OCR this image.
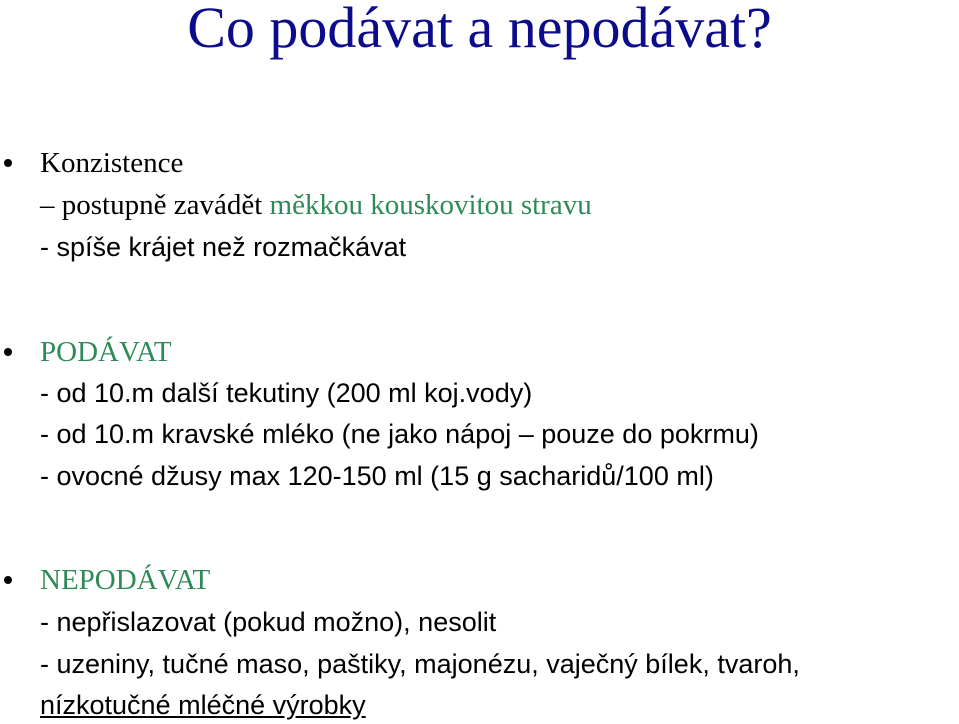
Co podávat a nepodávat?
Konzistence
– postupně zavádět měkkou kouskovitou stravu
- spíše krájet než rozmačkávat
PODÁVAT
- od 10.m další tekutiny (200 ml koj.vody)
- od 10.m kravské mléko (ne jako nápoj – pouze do pokrmu)
- ovocné džusy max 120-150 ml (15 g sacharidů/100 ml)
NEPODÁVAT
- nepřislazovat (pokud možno), nesolit
- uzeniny, tučné maso, paštiky, majonézu, vaječný bílek, tvaroh,
nízkotučné mléčné výrobky
